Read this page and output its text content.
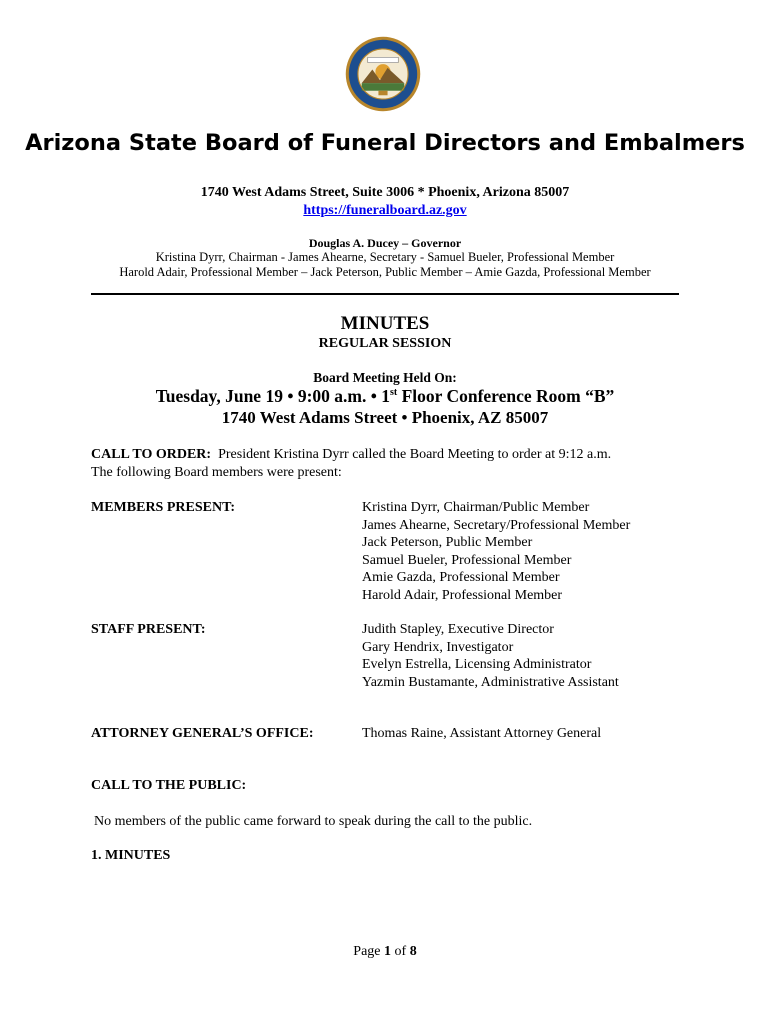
Arizona State Board of Funeral Directors and Embalmers
1740 West Adams Street, Suite 3006 * Phoenix, Arizona 85007
https://funeralboard.az.gov
Douglas A. Ducey – Governor
Kristina Dyrr, Chairman - James Ahearne, Secretary - Samuel Bueler, Professional Member
Harold Adair, Professional Member – Jack Peterson, Public Member – Amie Gazda, Professional Member
MINUTES
REGULAR SESSION
Board Meeting Held On:
Tuesday, June 19 • 9:00 a.m. • 1st Floor Conference Room “B”
1740 West Adams Street • Phoenix, AZ 85007
CALL TO ORDER: President Kristina Dyrr called the Board Meeting to order at 9:12 a.m.
The following Board members were present:
MEMBERS PRESENT:	Kristina Dyrr, Chairman/Public Member
James Ahearne, Secretary/Professional Member
Jack Peterson, Public Member
Samuel Bueler, Professional Member
Amie Gazda, Professional Member
Harold Adair, Professional Member
STAFF PRESENT:	Judith Stapley, Executive Director
Gary Hendrix, Investigator
Evelyn Estrella, Licensing Administrator
Yazmin Bustamante, Administrative Assistant
ATTORNEY GENERAL’S OFFICE:	Thomas Raine, Assistant Attorney General
CALL TO THE PUBLIC:
No members of the public came forward to speak during the call to the public.
1. MINUTES
Page 1 of 8
